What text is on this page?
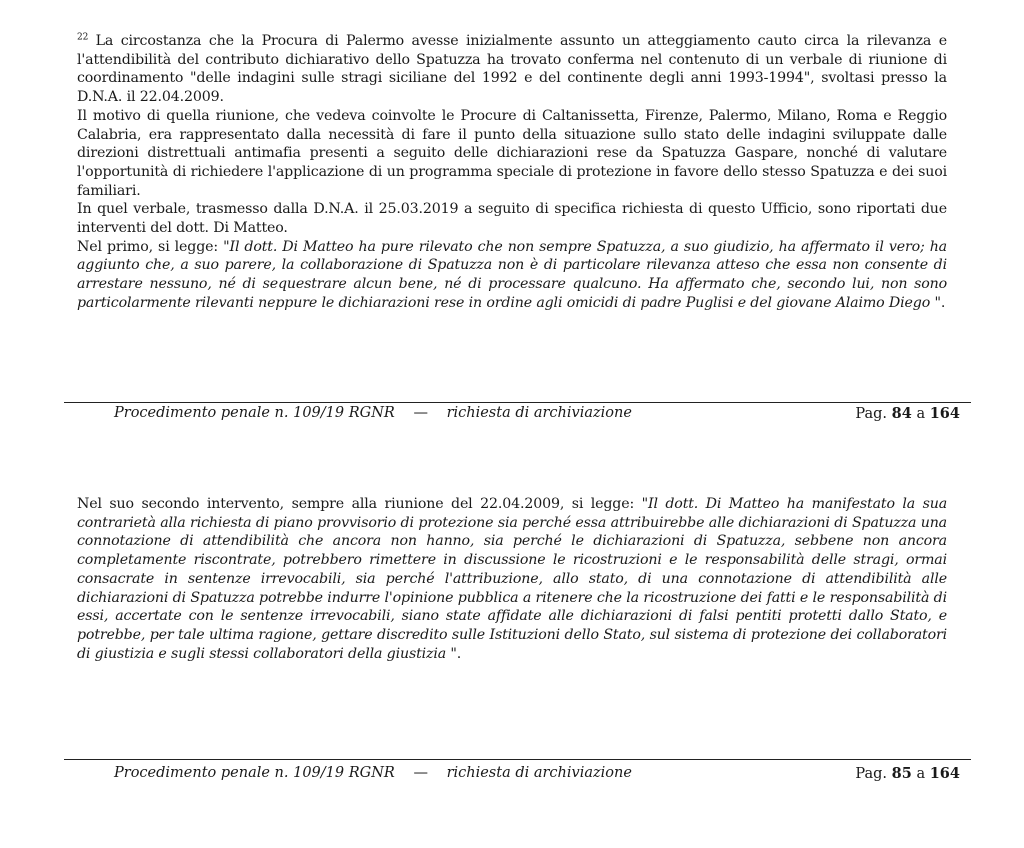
$^{22}$ La circostanza che la Procura di Palermo avesse inizialmente assunto un atteggiamento cauto circa la rilevanza e l'attendibilità del contributo dichiarativo dello Spatuzza ha trovato conferma nel contenuto di un verbale di riunione di coordinamento "delle indagini sulle stragi siciliane del 1992 e del continente degli anni 1993-1994", svoltasi presso la D.N.A. il 22.04.2009.

Il motivo di quella riunione, che vedeva coinvolte le Procure di Caltanissetta, Firenze, Palermo, Milano, Roma e Reggio Calabria, era rappresentato dalla necessità di fare il punto della situazione sullo stato delle indagini sviluppate dalle direzioni distrettuali antimafia presenti a seguito delle dichiarazioni rese da Spatuzza Gaspare, nonché di valutare l'opportunità di richiedere l'applicazione di un programma speciale di protezione in favore dello stesso Spatuzza e dei suoi familiari.

In quel verbale, trasmesso dalla D.N.A. il 25.03.2019 a seguito di specifica richiesta di questo Ufficio, sono riportati due interventi del dott. Di Matteo.

Nel primo, si legge: "Il dott. Di Matteo ha pure rilevato che non sempre Spatuzza, a suo giudizio, ha affermato il vero; ha aggiunto che, a suo parere, la collaborazione di Spatuzza non è di particolare rilevanza atteso che essa non consente di arrestare nessuno, né di sequestrare alcun bene, né di processare qualcuno. Ha affermato che, secondo lui, non sono particolarmente rilevanti neppure le dichiarazioni rese in ordine agli omicidi di padre Puglisi e del giovane Alaimo Diego ".

Procedimento penale n. 109/19 RGNR — richiesta di archiviazione	Pag. 84 a 164

Nel suo secondo intervento, sempre alla riunione del 22.04.2009, si legge: "Il dott. Di Matteo ha manifestato la sua contrarietà alla richiesta di piano provvisorio di protezione sia perché essa attribuirebbe alle dichiarazioni di Spatuzza una connotazione di attendibilità che ancora non hanno, sia perché le dichiarazioni di Spatuzza, sebbene non ancora completamente riscontrate, potrebbero rimettere in discussione le ricostruzioni e le responsabilità delle stragi, ormai consacrate in sentenze irrevocabili, sia perché l'attribuzione, allo stato, di una connotazione di attendibilità alle dichiarazioni di Spatuzza potrebbe indurre l'opinione pubblica a ritenere che la ricostruzione dei fatti e le responsabilità di essi, accertate con le sentenze irrevocabili, siano state affidate alle dichiarazioni di falsi pentiti protetti dallo Stato, e potrebbe, per tale ultima ragione, gettare discredito sulle Istituzioni dello Stato, sul sistema di protezione dei collaboratori di giustizia e sugli stessi collaboratori della giustizia ".

Procedimento penale n. 109/19 RGNR — richiesta di archiviazione	Pag. 85 a 164
